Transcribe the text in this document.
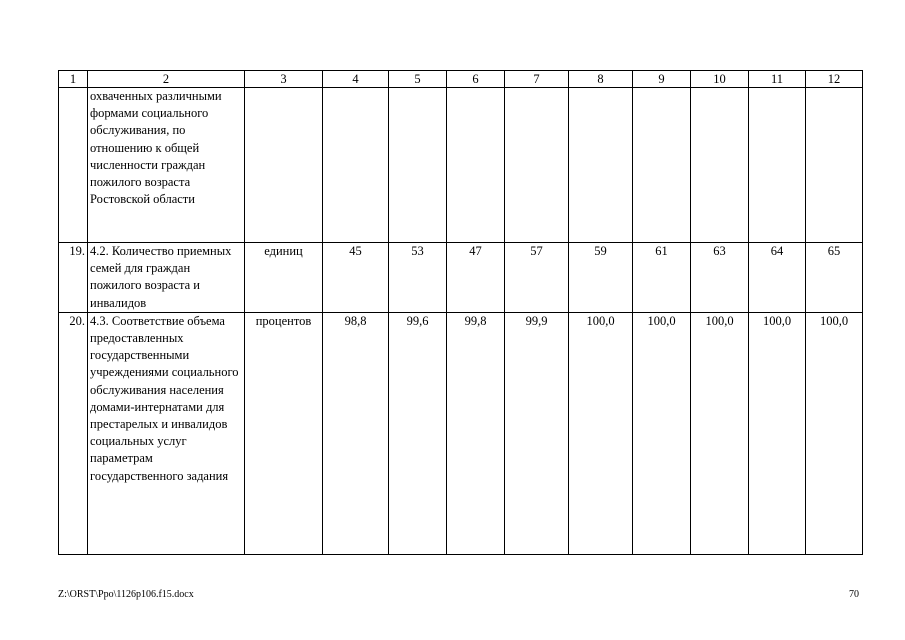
1	2	3	4	5	6	7	8	9	10	11	12
	охваченных различными формами социального обслуживания, по отношению к общей численности граждан пожилого возраста Ростовской области										
19.	4.2. Количество приемных семей для граждан пожилого возраста и инвалидов	единиц	45	53	47	57	59	61	63	64	65
20.	4.3. Соответствие объема предоставленных государственными учреждениями социального обслуживания населения домами-интернатами для престарелых и инвалидов социальных услуг параметрам государственного задания	процентов	98,8	99,6	99,8	99,9	100,0	100,0	100,0	100,0	100,0
Z:\ORST\Ppo\1126p106.f15.docx	70
